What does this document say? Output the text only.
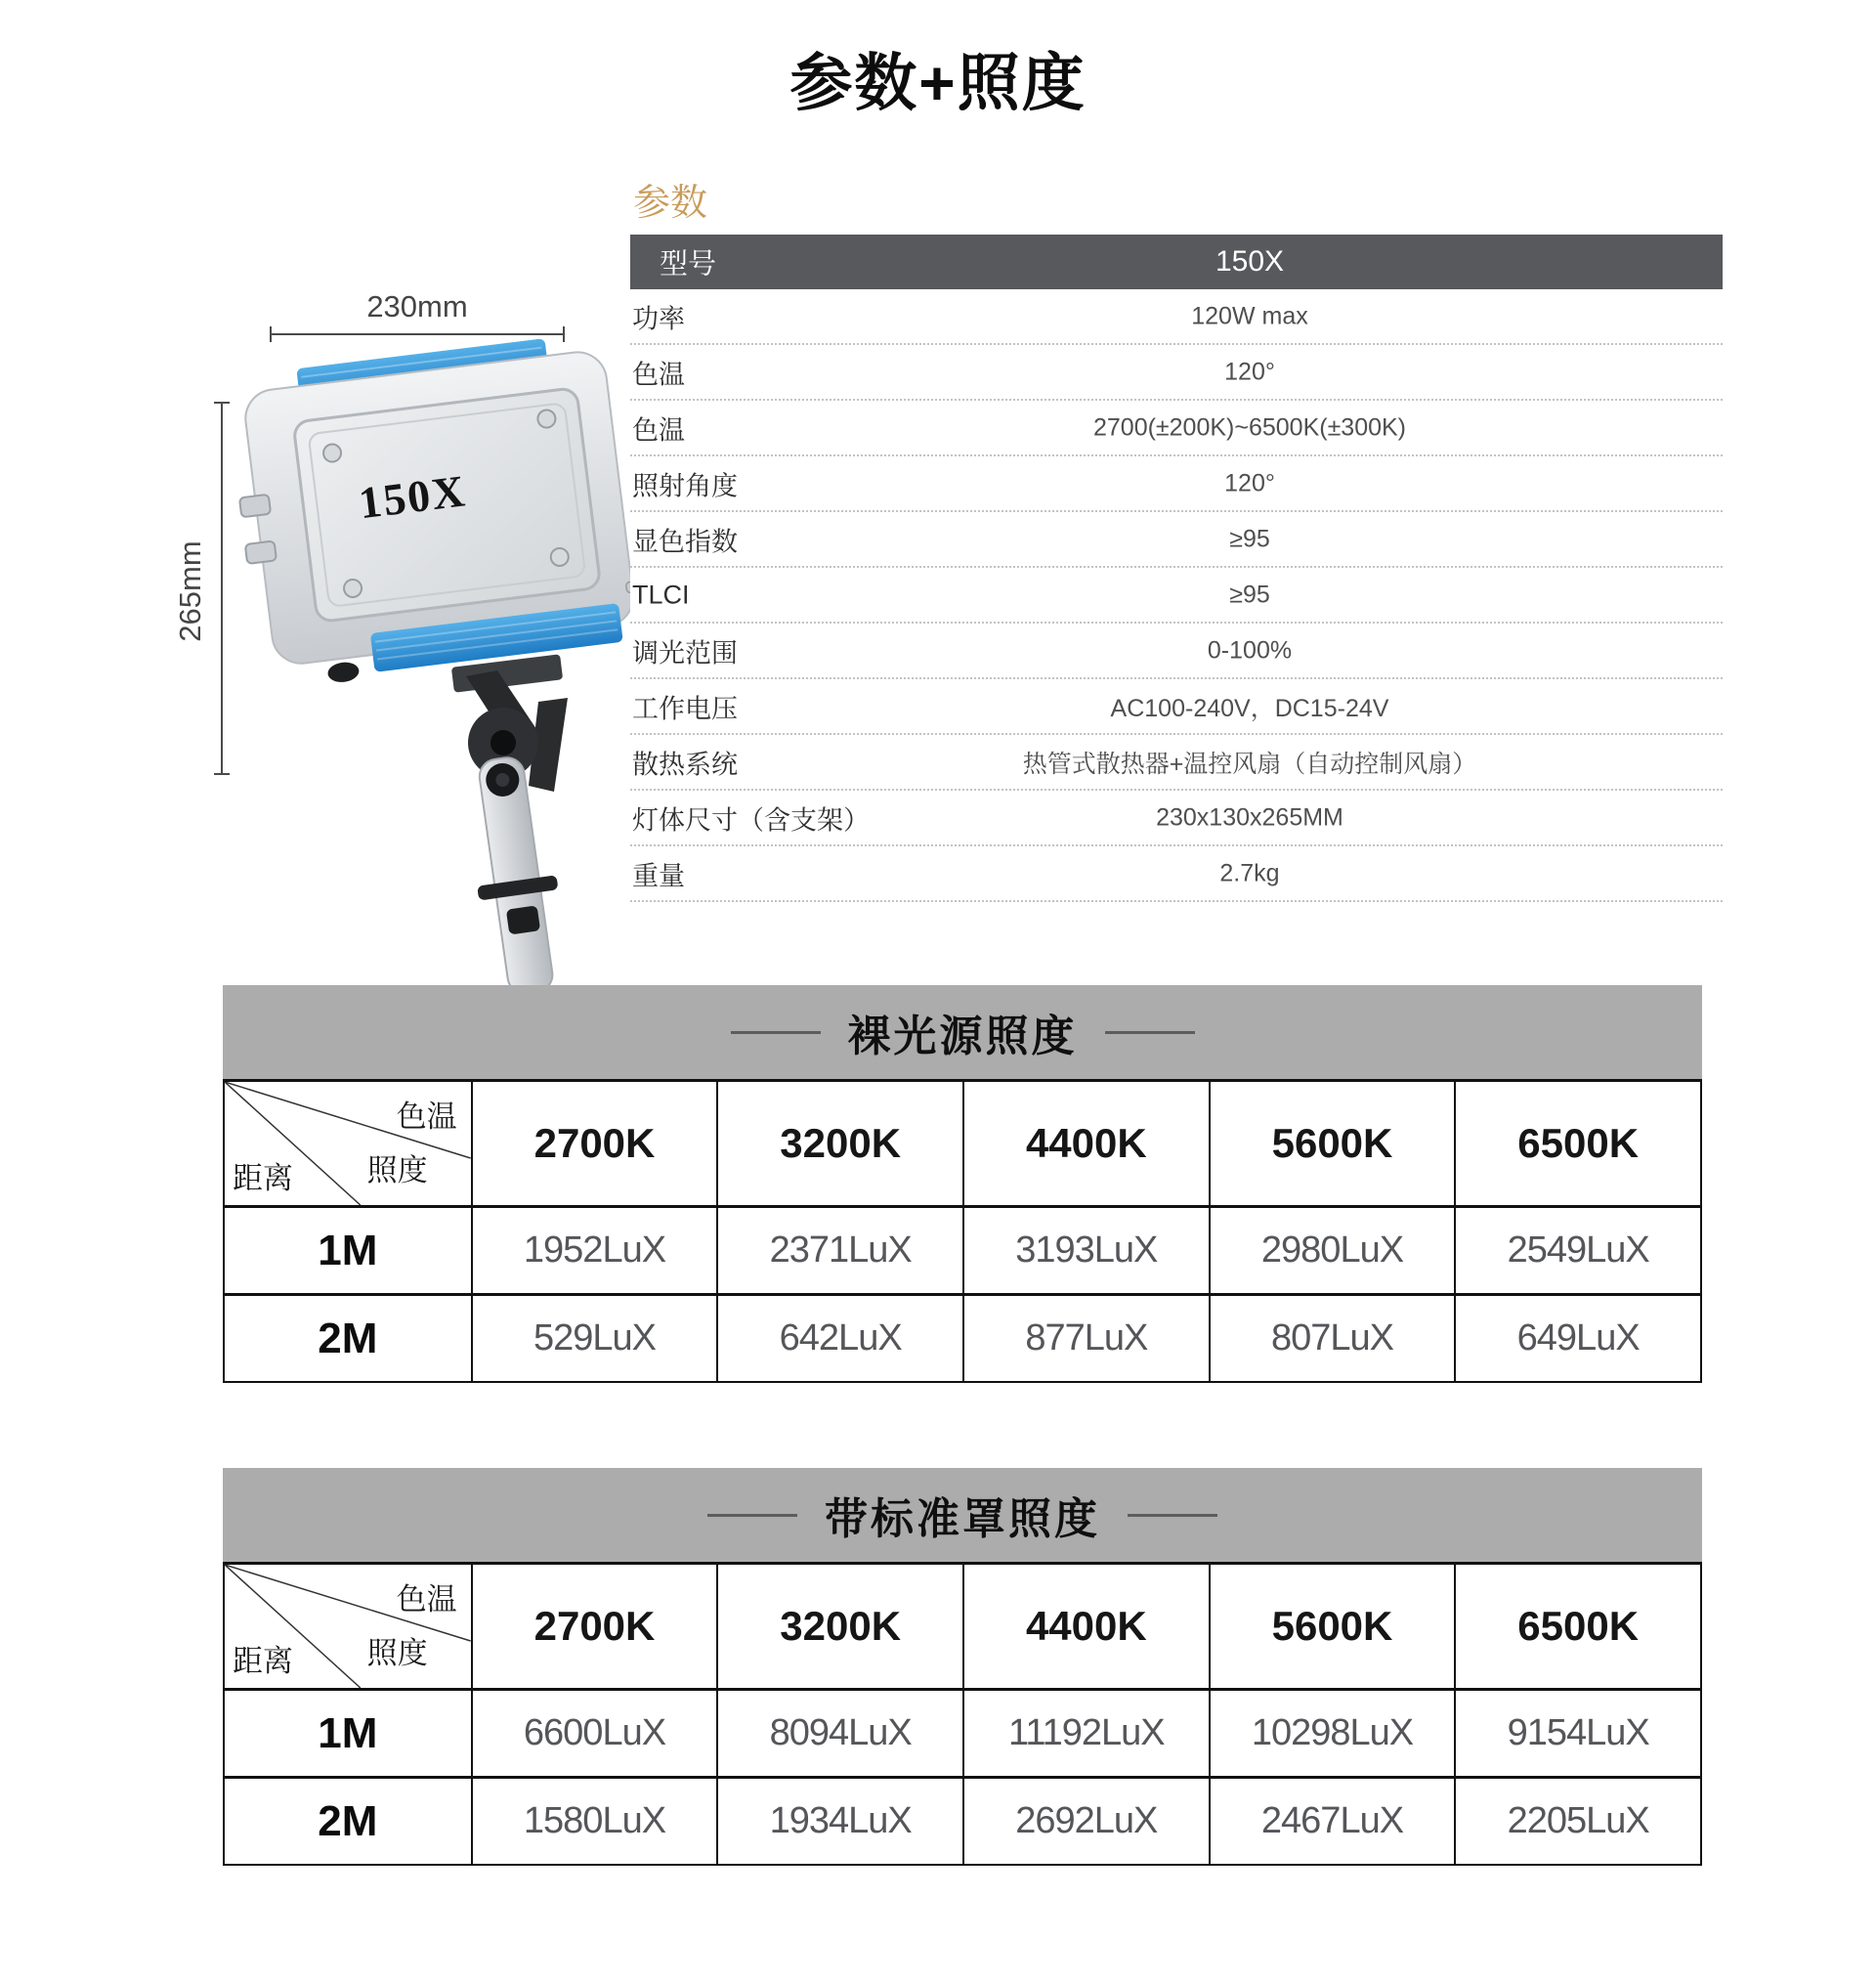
参数+照度
参数
型号	150X
功率	120W max
色温	120°
色温	2700(±200K)~6500K(±300K)
照射角度	120°
显色指数	≥95
TLCI	≥95
调光范围	0-100%
工作电压	AC100-240V，DC15-24V
散热系统	热管式散热器+温控风扇（自动控制风扇）
灯体尺寸（含支架）	230x130x265MM
重量	2.7kg
230mm
265mm
150X
裸光源照度
色温
照度
距离
2700K	3200K	4400K	5600K	6500K
1M	1952LuX	2371LuX	3193LuX	2980LuX	2549LuX
2M	529LuX	642LuX	877LuX	807LuX	649LuX
带标准罩照度
色温
照度
距离
2700K	3200K	4400K	5600K	6500K
1M	6600LuX	8094LuX	11192LuX	10298LuX	9154LuX
2M	1580LuX	1934LuX	2692LuX	2467LuX	2205LuX
